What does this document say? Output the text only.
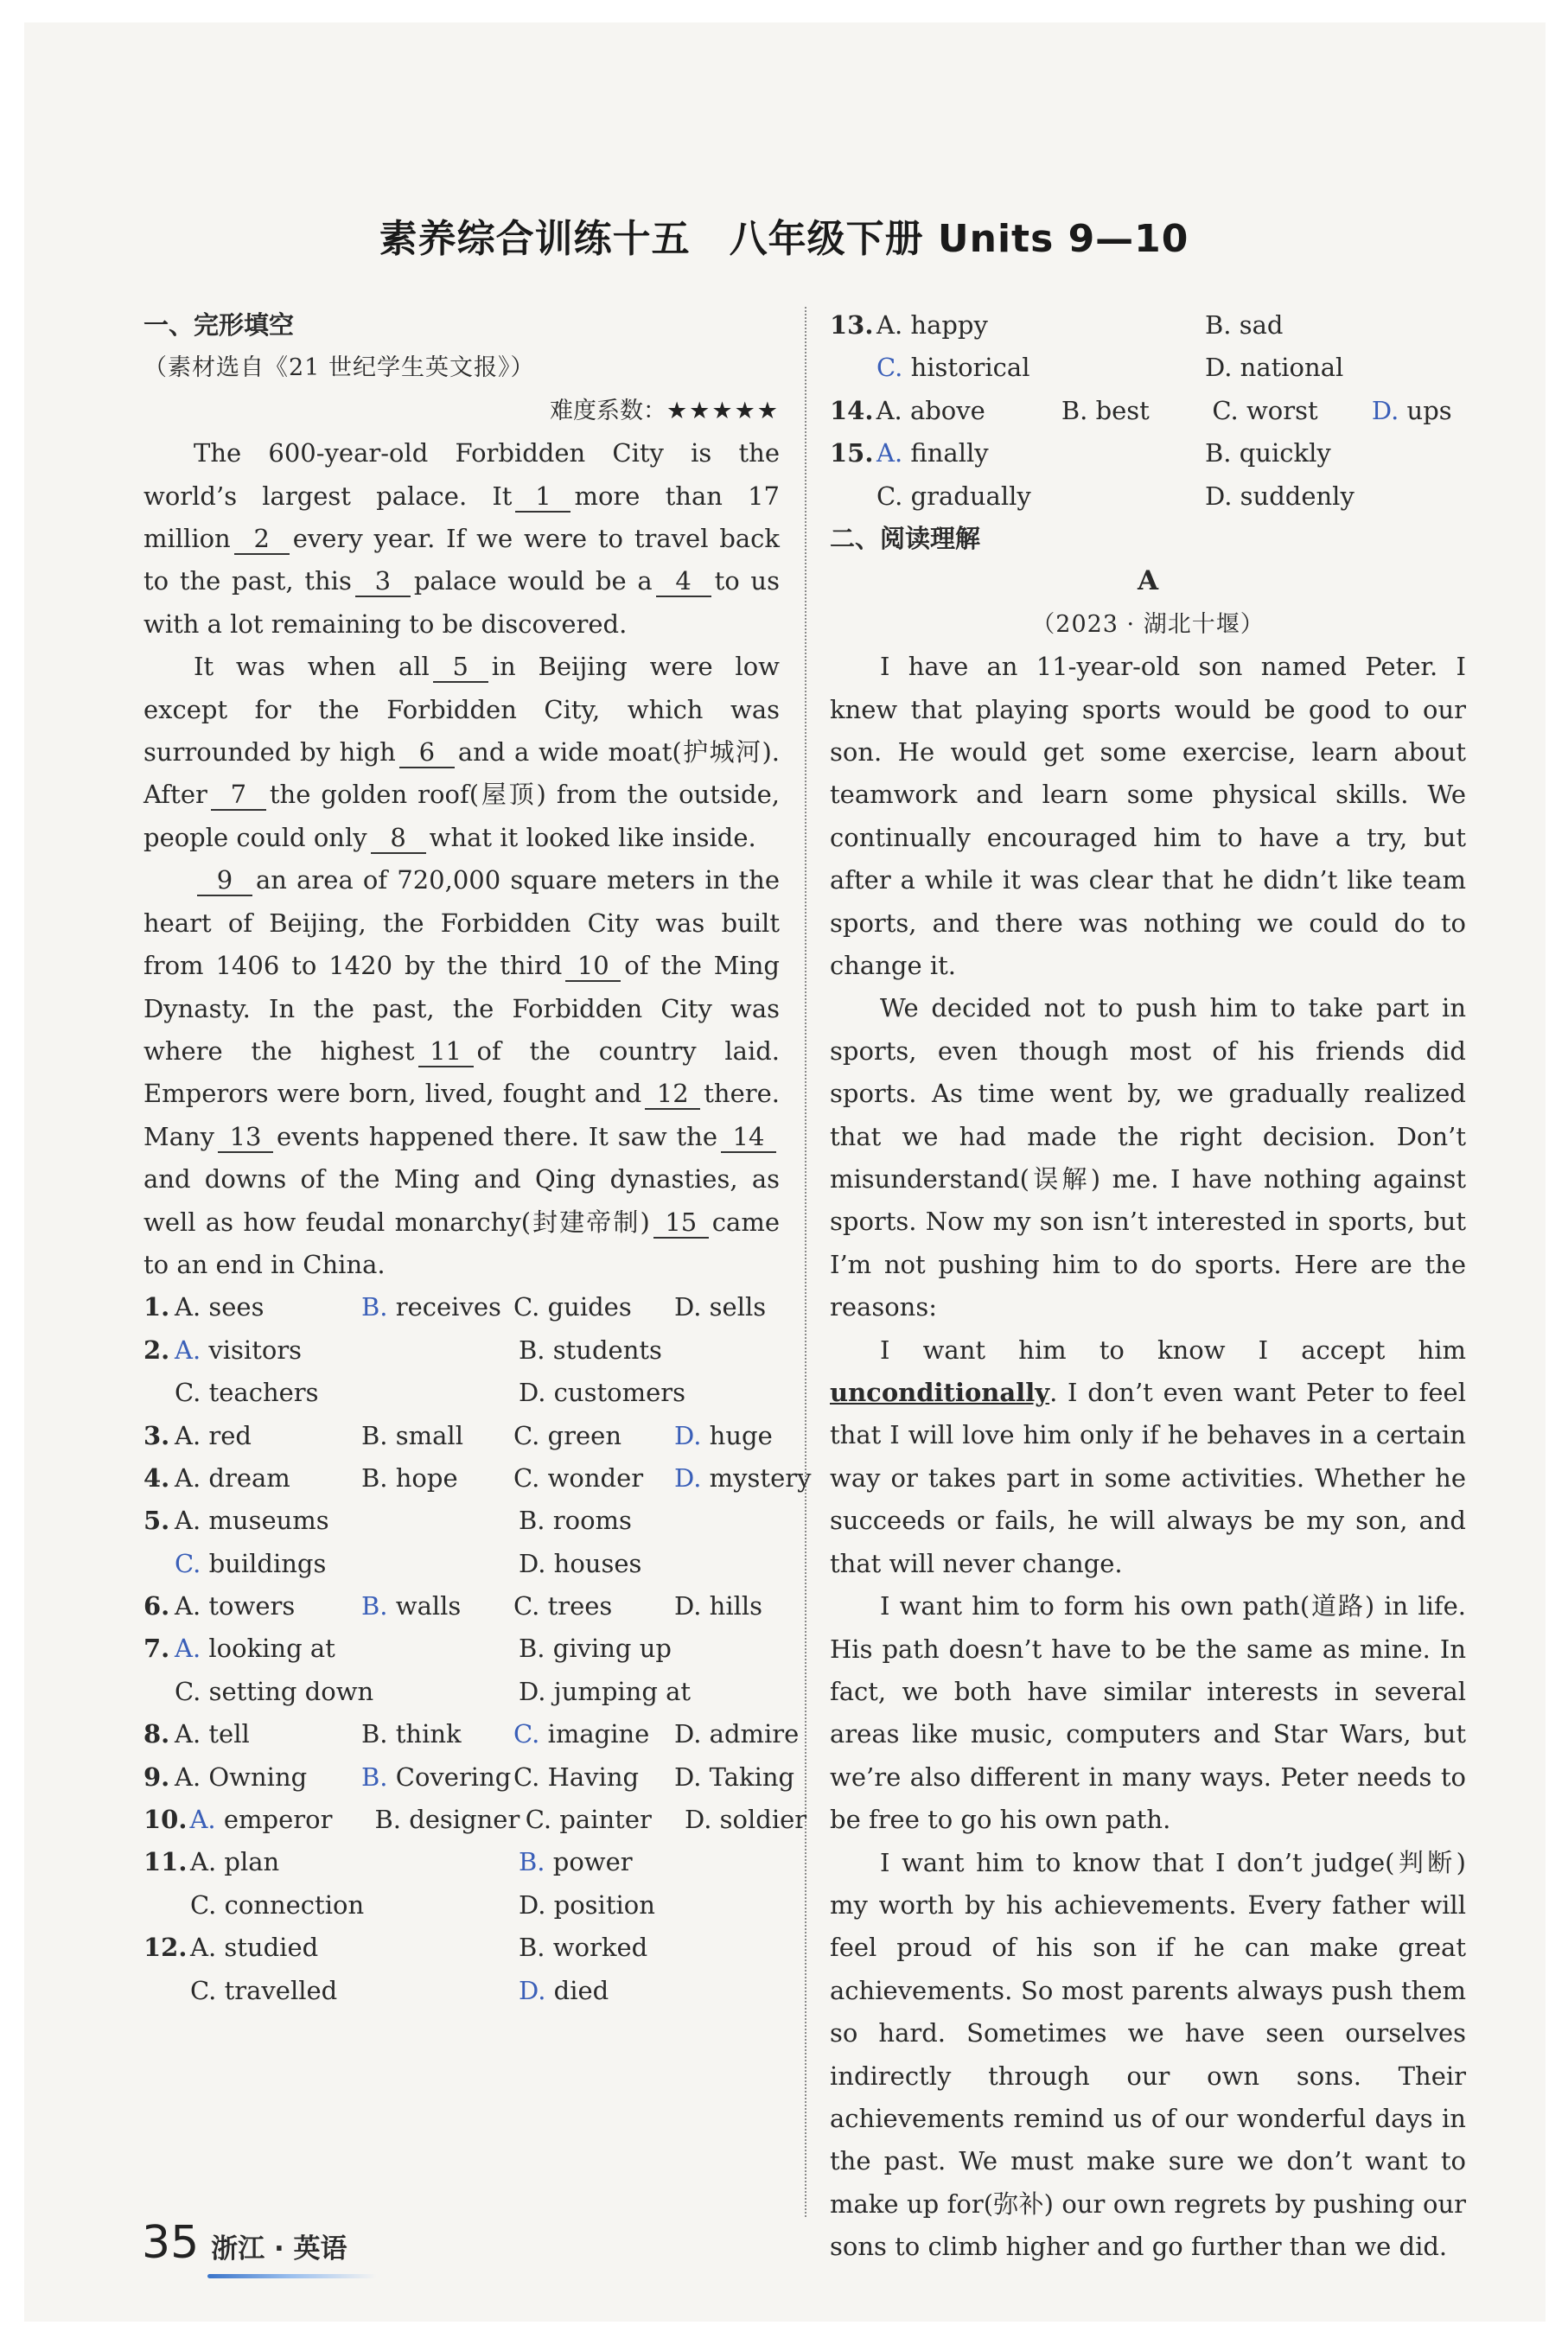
素养综合训练十五　八年级下册 Units 9—10
一、完形填空
（素材选自《21 世纪学生英文报》）
难度系数：★★★★★

The 600-year-old Forbidden City is the world’s largest palace. It 1 more than 17 million 2 every year. If we were to travel back to the past, this 3 palace would be a 4 to us with a lot remaining to be discovered.

It was when all 5 in Beijing were low except for the Forbidden City, which was surrounded by high 6 and a wide moat(护城河). After 7 the golden roof(屋顶) from the outside, people could only 8 what it looked like inside.

9 an area of 720,000 square meters in the heart of Beijing, the Forbidden City was built from 1406 to 1420 by the third 10 of the Ming Dynasty. In the past, the Forbidden City was where the highest 11 of the country laid. Emperors were born, lived, fought and 12 there. Many 13 events happened there. It saw the 14and downs of the Ming and Qing dynasties, as well as how feudal monarchy(封建帝制) 15 came to an end in China.

1. A. sees	B. receives C. guides	D. sells
2. A. visitors	B. students
C. teachers	D. customers
3. A. red	B. small	C. green	D. huge
4. A. dream	B. hope	C. wonder	D. mystery
5. A. museums	B. rooms
C. buildings	D. houses
6. A. towers	B. walls	C. trees	D. hills
7. A. looking at	B. giving up
C. setting down	D. jumping at
8. A. tell	B. think	C. imagine D. admire
9. A. Owning	B. Covering C. Having	D. Taking
10. A. emperor	B. designer C. painter	D. soldier
11. A. plan	B. power
C. connection	D. position
12. A. studied	B. worked
C. travelled	D. died
13. A. happy	B. sad
C. historical	D. national
14. A. above	B. best	C. worst	D. ups
15. A. finally	B. quickly
C. gradually	D. suddenly
二、阅读理解
A
（2023 · 湖北十堰）

I have an 11-year-old son named Peter. I knew that playing sports would be good to our son. He would get some exercise, learn about teamwork and learn some physical skills. We continually encouraged him to have a try, but after a while it was clear that he didn’t like team sports, and there was nothing we could do to change it.

We decided not to push him to take part in sports, even though most of his friends did sports. As time went by, we gradually realized that we had made the right decision. Don’t misunderstand(误解) me. I have nothing against sports. Now my son isn’t interested in sports, but I’m not pushing him to do sports. Here are the reasons:

I want him to know I accept him unconditionally. I don’t even want Peter to feel that I will love him only if he behaves in a certain way or takes part in some activities. Whether he succeeds or fails, he will always be my son, and that will never change.

I want him to form his own path(道路) in life. His path doesn’t have to be the same as mine. In fact, we both have similar interests in several areas like music, computers and Star Wars, but we’re also different in many ways. Peter needs to be free to go his own path.

I want him to know that I don’t judge(判断) my worth by his achievements. Every father will feel proud of his son if he can make great achievements. So most parents always push them so hard. Sometimes we have seen ourselves indirectly through our own sons. Their achievements remind us of our wonderful days in the past. We must make sure we don’t want to make up for(弥补) our own regrets by pushing our sons to climb higher and go further than we did.

35 浙江 · 英语
